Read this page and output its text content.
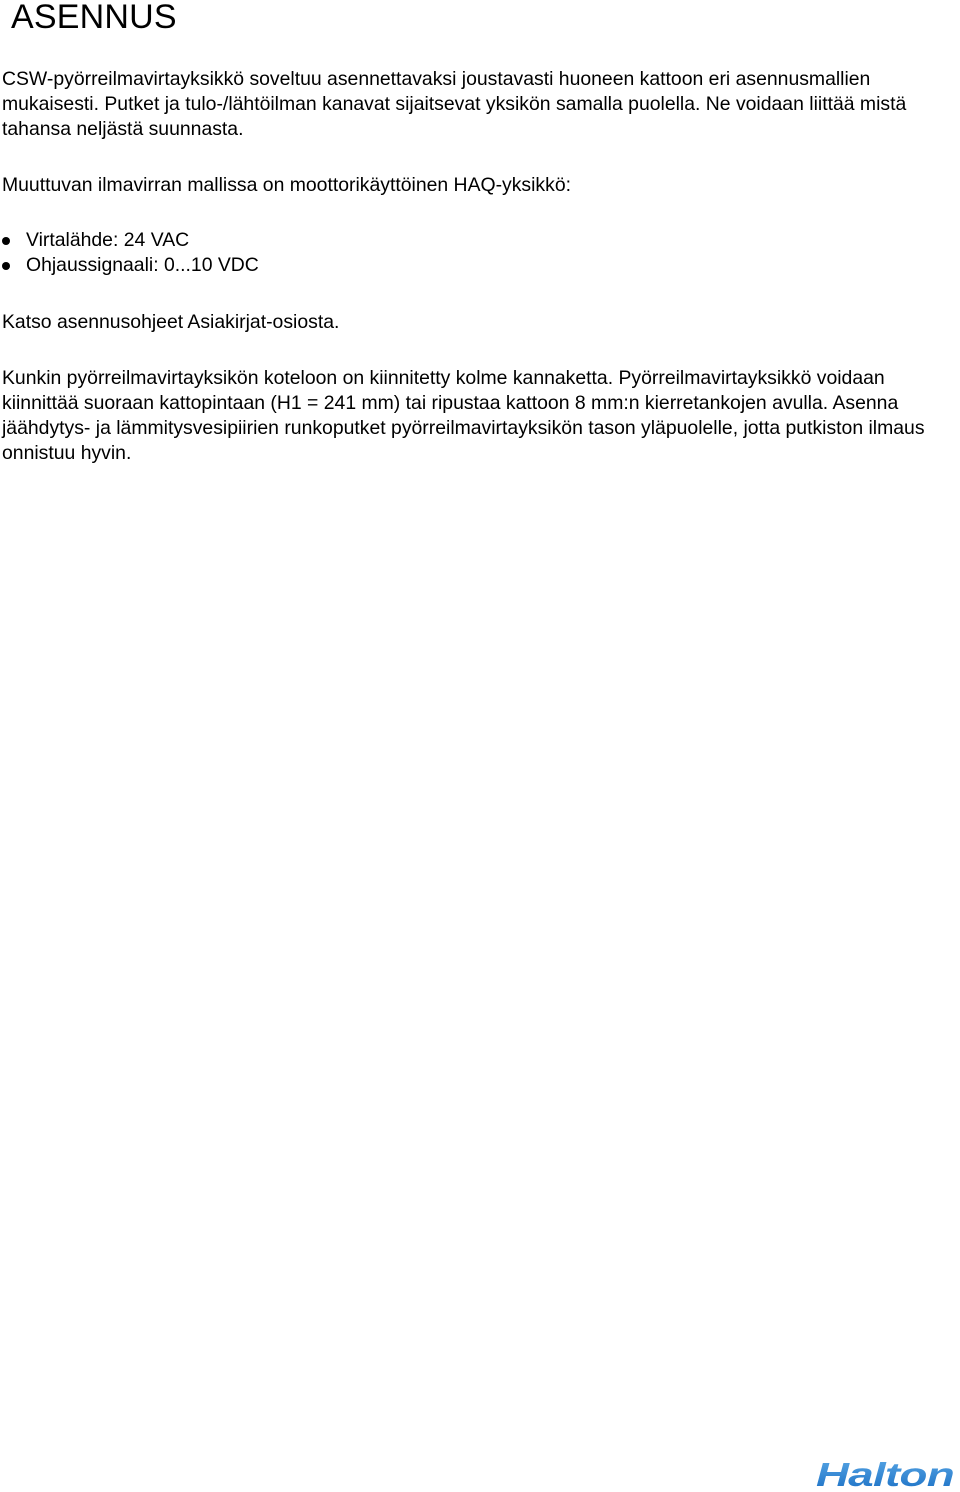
ASENNUS

CSW-pyörreilmavirtayksikkö soveltuu asennettavaksi joustavasti huoneen kattoon eri asennusmallien mukaisesti. Putket ja tulo-/lähtöilman kanavat sijaitsevat yksikön samalla puolella. Ne voidaan liittää mistä tahansa neljästä suunnasta.

Muuttuvan ilmavirran mallissa on moottorikäyttöinen HAQ-yksikkö:

Virtalähde: 24 VAC
Ohjaussignaali: 0...10 VDC

Katso asennusohjeet Asiakirjat-osiosta.

Kunkin pyörreilmavirtayksikön koteloon on kiinnitetty kolme kannaketta. Pyörreilmavirtayksikkö voidaan kiinnittää suoraan kattopintaan (H1 = 241 mm) tai ripustaa kattoon 8 mm:n kierretankojen avulla. Asenna jäähdytys- ja lämmitysvesipiirien runkoputket pyörreilmavirtayksikön tason yläpuolelle, jotta putkiston ilmaus onnistuu hyvin.

Halton
